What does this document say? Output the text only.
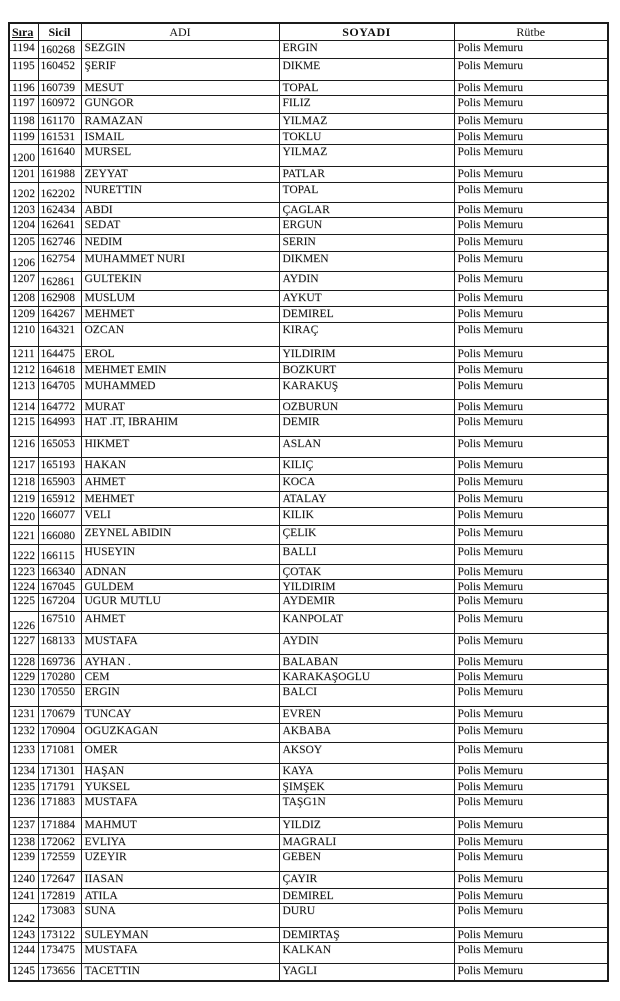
Sıra	Sicil	ADI	SOYADI	Rütbe
1194	160268	SEZGIN	ERGIN	Polis Memuru
1195	160452	ŞERIF	DIKME	Polis Memuru
1196	160739	MESUT	TOPAL	Polis Memuru
1197	160972	GUNGOR	FILIZ	Polis Memuru
1198	161170	RAMAZAN	YILMAZ	Polis Memuru
1199	161531	ISMAIL	TOKLU	Polis Memuru
1200	161640	MURSEL	YILMAZ	Polis Memuru
1201	161988	ZEYYAT	PATLAR	Polis Memuru
1202	162202	NURETTIN	TOPAL	Polis Memuru
1203	162434	ABDI	ÇAGLAR	Polis Memuru
1204	162641	SEDAT	ERGUN	Polis Memuru
1205	162746	NEDIM	SERIN	Polis Memuru
1206	162754	MUHAMMET NURI	DIKMEN	Polis Memuru
1207	162861	GULTEKIN	AYDIN	Polis Memuru
1208	162908	MUSLUM	AYKUT	Polis Memuru
1209	164267	MEHMET	DEMIREL	Polis Memuru
1210	164321	OZCAN	KIRAÇ	Polis Memuru
1211	164475	EROL	YILDIRIM	Polis Memuru
1212	164618	MEHMET EMIN	BOZKURT	Polis Memuru
1213	164705	MUHAMMED	KARAKUŞ	Polis Memuru
1214	164772	MURAT	OZBURUN	Polis Memuru
1215	164993	HAT .IT, IBRAHIM	DEMIR	Polis Memuru
1216	165053	HIKMET	ASLAN	Polis Memuru
1217	165193	HAKAN	KILIÇ	Polis Memuru
1218	165903	AHMET	KOCA	Polis Memuru
1219	165912	MEHMET	ATALAY	Polis Memuru
1220	166077	VELI	KILIK	Polis Memuru
1221	166080	ZEYNEL ABIDIN	ÇELIK	Polis Memuru
1222	166115	HUSEYIN	BALLI	Polis Memuru
1223	166340	ADNAN	ÇOTAK	Polis Memuru
1224	167045	GULDEM	YILDIRIM	Polis Memuru
1225	167204	UGUR MUTLU	AYDEMIR	Polis Memuru
1226	167510	AHMET	KANPOLAT	Polis Memuru
1227	168133	MUSTAFA	AYDIN	Polis Memuru
1228	169736	AYHAN .	BALABAN	Polis Memuru
1229	170280	CEM	KARAKAŞOGLU	Polis Memuru
1230	170550	ERGIN	BALCI	Polis Memuru
1231	170679	TUNCAY	EVREN	Polis Memuru
1232	170904	OGUZKAGAN	AKBABA	Polis Memuru
1233	171081	OMER	AKSOY	Polis Memuru
1234	171301	HAŞAN	KAYA	Polis Memuru
1235	171791	YUKSEL	ŞIMŞEK	Polis Memuru
1236	171883	MUSTAFA	TAŞG1N	Polis Memuru
1237	171884	MAHMUT	YILDIZ	Polis Memuru
1238	172062	EVLIYA	MAGRALI	Polis Memuru
1239	172559	UZEYIR	GEBEN	Polis Memuru
1240	172647	IIASAN	ÇAYIR	Polis Memuru
1241	172819	ATILA	DEMIREL	Polis Memuru
1242	173083	SUNA	DURU	Polis Memuru
1243	173122	SULEYMAN	DEMIRTAŞ	Polis Memuru
1244	173475	MUSTAFA	KALKAN	Polis Memuru
1245	173656	TACETTIN	YAGLI	Polis Memuru
